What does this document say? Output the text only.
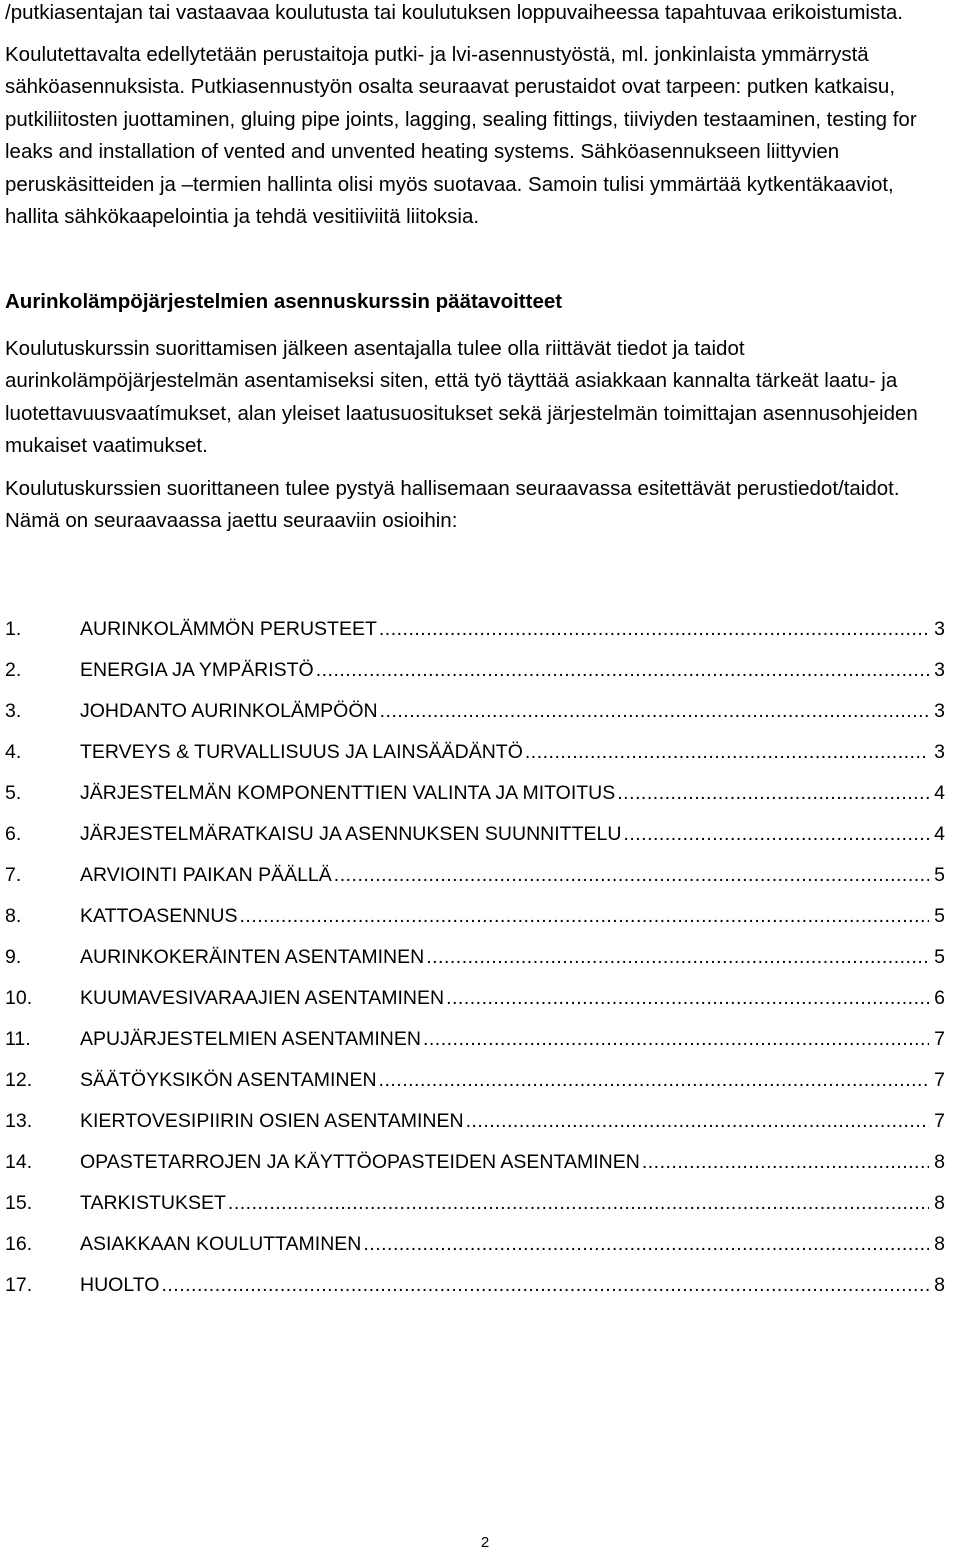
/putkiasentajan tai vastaavaa koulutusta tai koulutuksen loppuvaiheessa tapahtuvaa erikoistumista.

Koulutettavalta edellytetään perustaitoja putki- ja lvi-asennustyöstä, ml. jonkinlaista ymmärrystä sähköasennuksista. Putkiasennustyön osalta seuraavat perustaidot ovat tarpeen: putken katkaisu, putkiliitosten juottaminen, gluing pipe joints, lagging, sealing fittings, tiiviyden testaaminen, testing for leaks and installation of vented and unvented heating systems. Sähköasennukseen liittyvien peruskäsitteiden ja –termien hallinta olisi myös suotavaa. Samoin tulisi ymmärtää kytkentäkaaviot, hallita sähkökaapelointia ja tehdä vesitiiviitä liitoksia.

Aurinkolämpöjärjestelmien asennuskurssin päätavoitteet

Koulutuskurssin suorittamisen jälkeen asentajalla tulee olla riittävät tiedot ja taidot aurinkolämpöjärjestelmän asentamiseksi siten, että työ täyttää asiakkaan kannalta tärkeät laatu- ja luotettavuusvaatímukset, alan yleiset laatusuositukset sekä järjestelmän toimittajan asennusohjeiden mukaiset vaatimukset.

Koulutuskurssien suorittaneen tulee pystyä hallisemaan seuraavassa esitettävät perustiedot/taidot. Nämä on seuraavaassa jaettu seuraaviin osioihin:

1.	AURINKOLÄMMÖN PERUSTEET .....	3
2.	ENERGIA JA YMPÄRISTÖ .....	3
3.	JOHDANTO AURINKOLÄMPÖÖN .....	3
4.	TERVEYS & TURVALLISUUS JA LAINSÄÄDÄNTÖ .....	3
5.	JÄRJESTELMÄN KOMPONENTTIEN VALINTA JA MITOITUS .....	4
6.	JÄRJESTELMÄRATKAISU JA ASENNUKSEN SUUNNITTELU .....	4
7.	ARVIOINTI PAIKAN PÄÄLLÄ .....	5
8.	KATTOASENNUS .....	5
9.	AURINKOKERÄINTEN ASENTAMINEN .....	5
10.	KUUMAVESIVARAAJIEN ASENTAMINEN .....	6
11.	APUJÄRJESTELMIEN ASENTAMINEN .....	7
12.	SÄÄTÖYKSIKÖN ASENTAMINEN .....	7
13.	KIERTOVESIPIIRIN OSIEN ASENTAMINEN .....	7
14.	OPASTETARROJEN JA KÄYTTÖOPASTEIDEN ASENTAMINEN .....	8
15.	TARKISTUKSET .....	8
16.	ASIAKKAAN KOULUTTAMINEN .....	8
17.	HUOLTO .....	8
2
